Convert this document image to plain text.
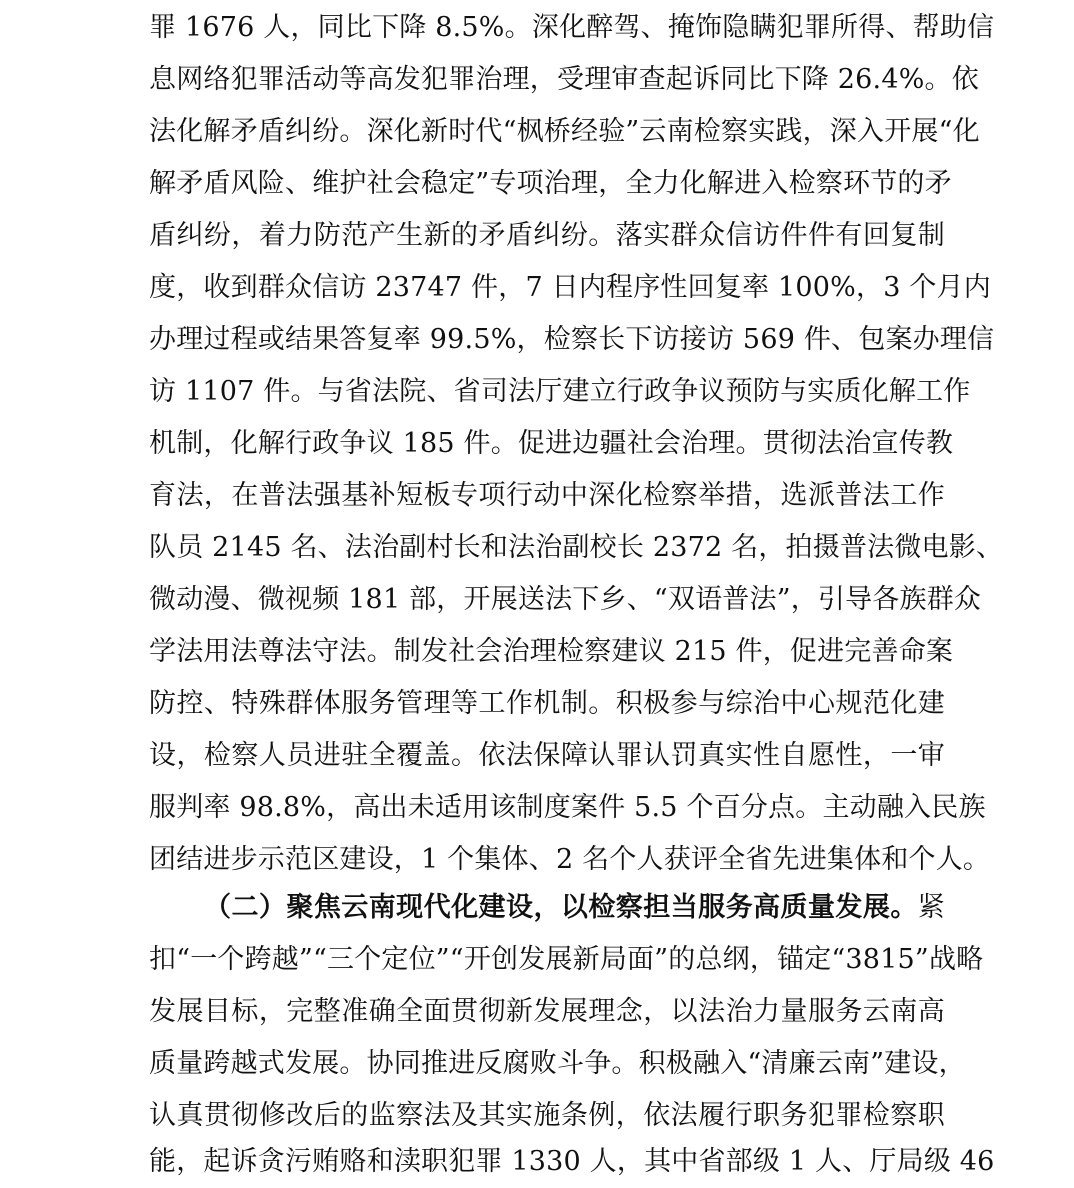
罪 1676 人，同比下降 8.5%。深化醉驾、掩饰隐瞒犯罪所得、帮助信
息网络犯罪活动等高发犯罪治理，受理审查起诉同比下降 26.4%。依
法化解矛盾纠纷。深化新时代“枫桥经验”云南检察实践，深入开展“化
解矛盾风险、维护社会稳定”专项治理，全力化解进入检察环节的矛
盾纠纷，着力防范产生新的矛盾纠纷。落实群众信访件件有回复制
度，收到群众信访 23747 件，7 日内程序性回复率 100%，3 个月内
办理过程或结果答复率 99.5%，检察长下访接访 569 件、包案办理信
访 1107 件。与省法院、省司法厅建立行政争议预防与实质化解工作
机制，化解行政争议 185 件。促进边疆社会治理。贯彻法治宣传教
育法，在普法强基补短板专项行动中深化检察举措，选派普法工作
队员 2145 名、法治副村长和法治副校长 2372 名，拍摄普法微电影、
微动漫、微视频 181 部，开展送法下乡、“双语普法”，引导各族群众
学法用法尊法守法。制发社会治理检察建议 215 件，促进完善命案
防控、特殊群体服务管理等工作机制。积极参与综治中心规范化建
设，检察人员进驻全覆盖。依法保障认罪认罚真实性自愿性，一审
服判率 98.8%，高出未适用该制度案件 5.5 个百分点。主动融入民族
团结进步示范区建设，1 个集体、2 名个人获评全省先进集体和个人。
（二）聚焦云南现代化建设，以检察担当服务高质量发展。紧
扣“一个跨越”“三个定位”“开创发展新局面”的总纲，锚定“3815”战略
发展目标，完整准确全面贯彻新发展理念，以法治力量服务云南高
质量跨越式发展。协同推进反腐败斗争。积极融入“清廉云南”建设，
认真贯彻修改后的监察法及其实施条例，依法履行职务犯罪检察职
能，起诉贪污贿赂和渎职犯罪 1330 人，其中省部级 1 人、厅局级 46
